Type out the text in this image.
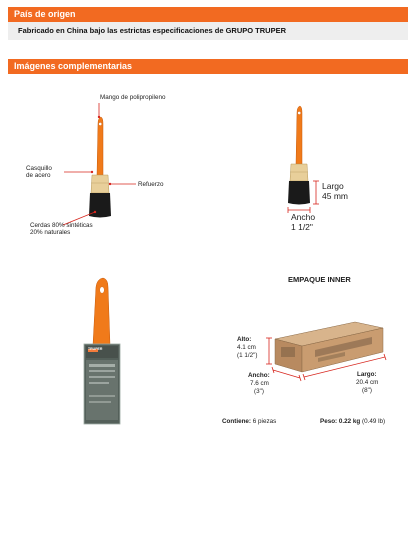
País de origen
Fabricado en China bajo las estrictas especificaciones de GRUPO TRUPER
Imágenes complementarias
Mango de polipropileno
Casquillo
de acero
Refuerzo
Cerdas 80% sintéticas
20% naturales
Largo
45 mm
Ancho
1 1/2"
TRUPER
EMPAQUE INNER
Alto:
4.1 cm
(1 1/2")
Ancho:
7.6 cm
(3")
Largo:
20.4 cm
(8")
Contiene: 6 piezas	Peso: 0.22 kg (0.49 lb)
